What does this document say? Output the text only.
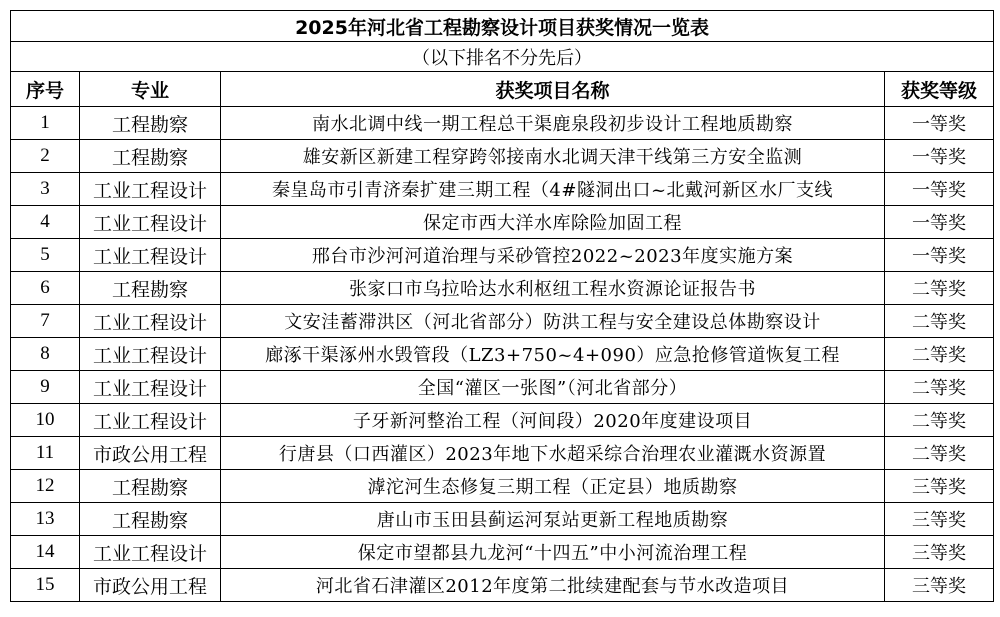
2025年河北省工程勘察设计项目获奖情况一览表			
（以下排名不分先后）			
序号	专业	获奖项目名称	获奖等级
1	工程勘察	南水北调中线一期工程总干渠鹿泉段初步设计工程地质勘察	一等奖
2	工程勘察	雄安新区新建工程穿跨邻接南水北调天津干线第三方安全监测	一等奖
3	工业工程设计	秦皇岛市引青济秦扩建三期工程（4#隧洞出口~北戴河新区水厂支线	一等奖
4	工业工程设计	保定市西大洋水库除险加固工程	一等奖
5	工业工程设计	邢台市沙河河道治理与采砂管控2022~2023年度实施方案	一等奖
6	工程勘察	张家口市乌拉哈达水利枢纽工程水资源论证报告书	二等奖
7	工业工程设计	文安洼蓄滞洪区（河北省部分）防洪工程与安全建设总体勘察设计	二等奖
8	工业工程设计	廊涿干渠涿州水毁管段（LZ3+750~4+090）应急抢修管道恢复工程	二等奖
9	工业工程设计	全国“灌区一张图”（河北省部分）	二等奖
10	工业工程设计	子牙新河整治工程（河间段）2020年度建设项目	二等奖
11	市政公用工程	行唐县（口西灌区）2023年地下水超采综合治理农业灌溉水资源置	二等奖
12	工程勘察	滹沱河生态修复三期工程（正定县）地质勘察	三等奖
13	工程勘察	唐山市玉田县蓟运河泵站更新工程地质勘察	三等奖
14	工业工程设计	保定市望都县九龙河“十四五”中小河流治理工程	三等奖
15	市政公用工程	河北省石津灌区2012年度第二批续建配套与节水改造项目	三等奖
